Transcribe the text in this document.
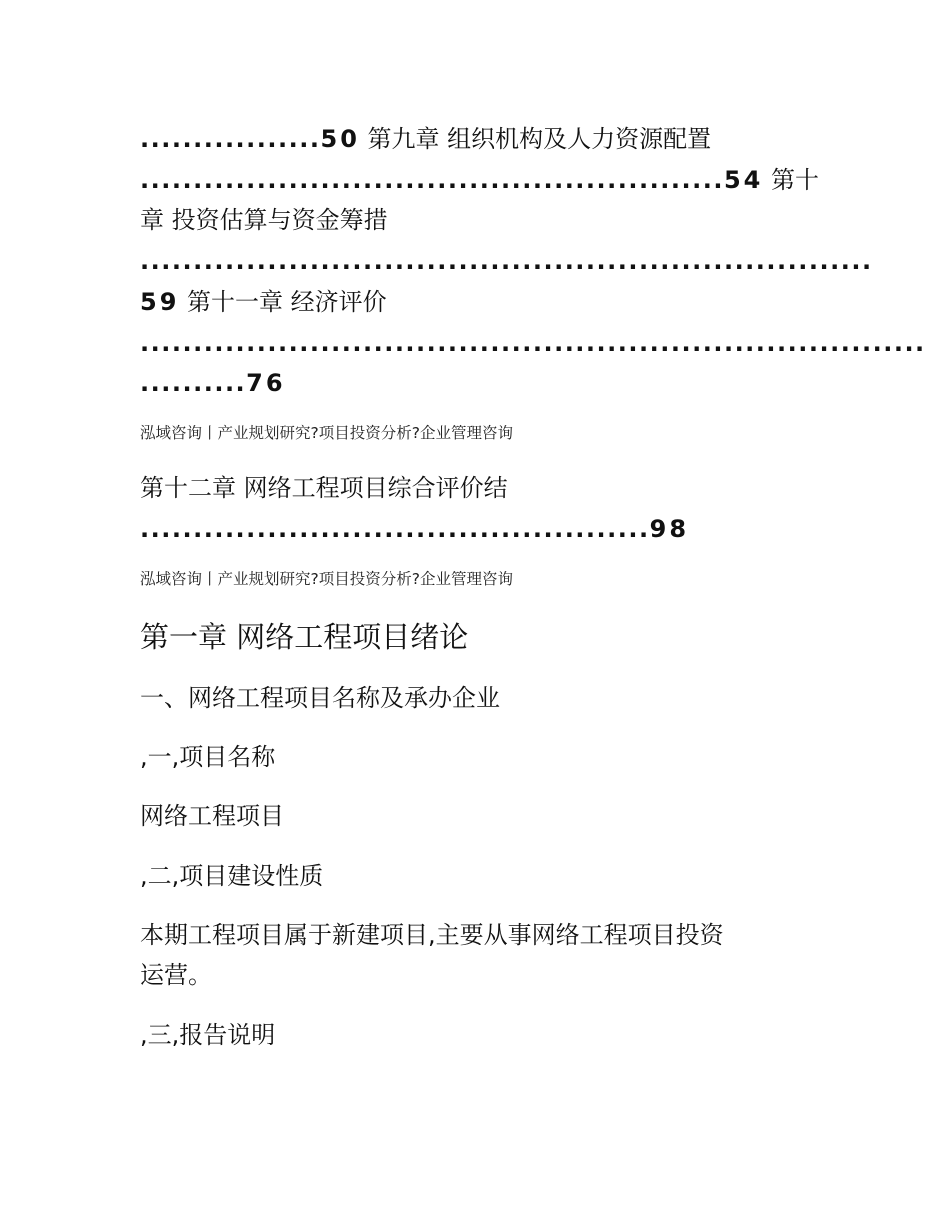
.................50 第九章 组织机构及人力资源配置

.......................................................54 第十

章 投资估算与资金筹措

.....................................................................

59 第十一章 经济评价

..........................................................................

..........76

泓域咨询丨产业规划研究?项目投资分析?企业管理咨询

第十二章 网络工程项目综合评价结

................................................98

泓域咨询丨产业规划研究?项目投资分析?企业管理咨询

第一章 网络工程项目绪论

一、网络工程项目名称及承办企业

,一,项目名称

网络工程项目

,二,项目建设性质

本期工程项目属于新建项目,主要从事网络工程项目投资

运营。

,三,报告说明
